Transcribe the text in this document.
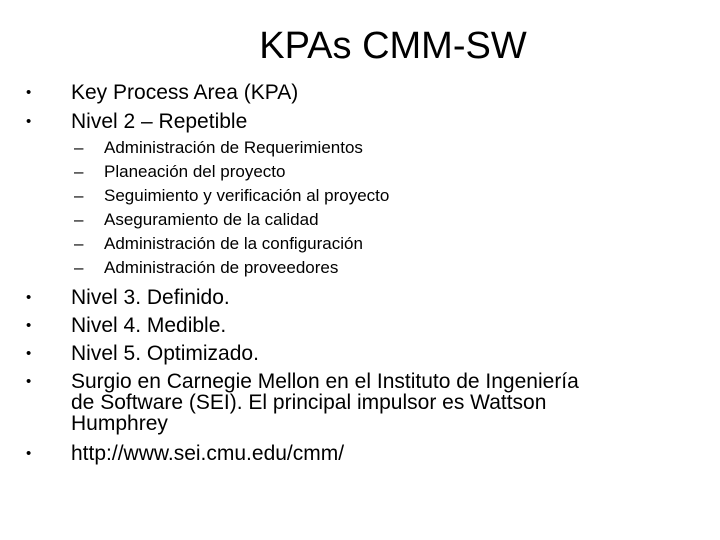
KPAs CMM-SW
• Key Process Area (KPA)
• Nivel 2 – Repetible
– Administración de Requerimientos
– Planeación del proyecto
– Seguimiento y verificación al proyecto
– Aseguramiento de la calidad
– Administración de la configuración
– Administración de proveedores
• Nivel 3. Definido.
• Nivel 4. Medible.
• Nivel 5. Optimizado.
• Surgio en Carnegie Mellon en el Instituto de Ingeniería
de Software (SEI). El principal impulsor es Wattson
Humphrey
• http://www.sei.cmu.edu/cmm/
